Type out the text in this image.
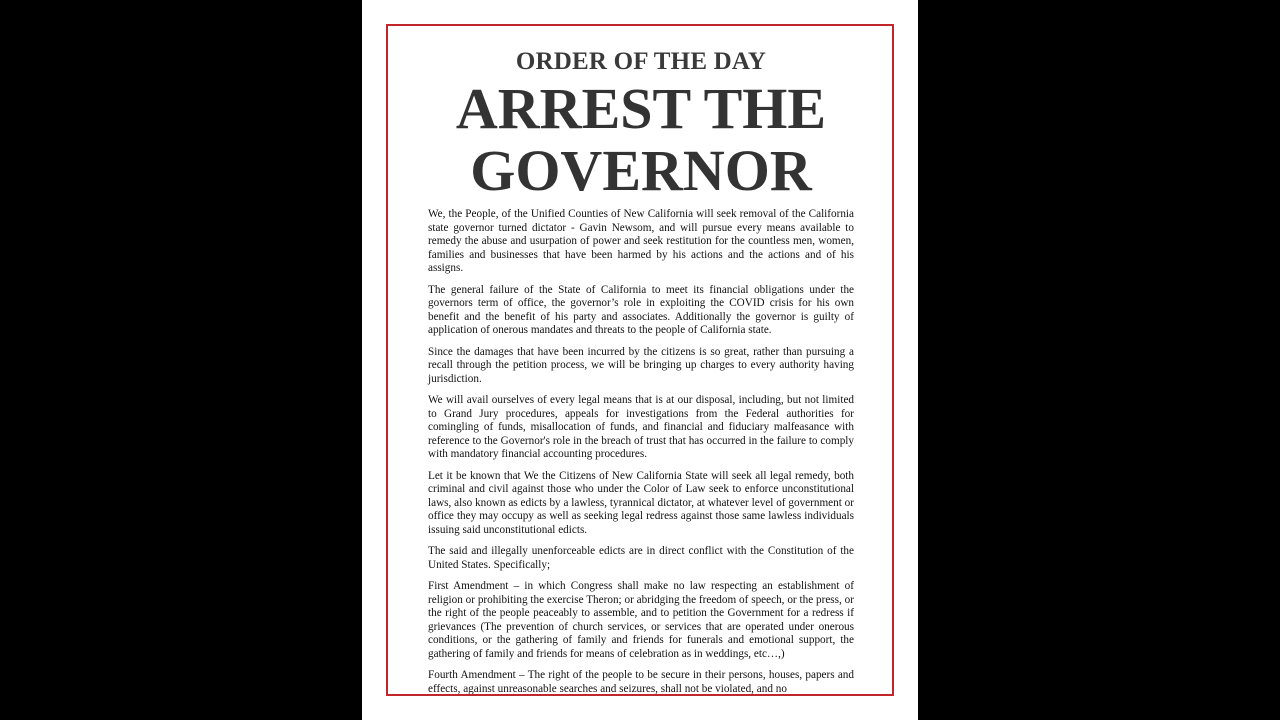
ORDER OF THE DAY
ARREST THE
GOVERNOR

We, the People, of the Unified Counties of New California will seek removal of the California state governor turned dictator - Gavin Newsom, and will pursue every means available to remedy the abuse and usurpation of power and seek restitution for the countless men, women, families and businesses that have been harmed by his actions and the actions and of his assigns.

The general failure of the State of California to meet its financial obligations under the governors term of office, the governor’s role in exploiting the COVID crisis for his own benefit and the benefit of his party and associates. Additionally the governor is guilty of application of onerous mandates and threats to the people of California state.

Since the damages that have been incurred by the citizens is so great, rather than pursuing a recall through the petition process, we will be bringing up charges to every authority having jurisdiction.

We will avail ourselves of every legal means that is at our disposal, including, but not limited to Grand Jury procedures, appeals for investigations from the Federal authorities for comingling of funds, misallocation of funds, and financial and fiduciary malfeasance with reference to the Governor's role in the breach of trust that has occurred in the failure to comply with mandatory financial accounting procedures.

Let it be known that We the Citizens of New California State will seek all legal remedy, both criminal and civil against those who under the Color of Law seek to enforce unconstitutional laws, also known as edicts by a lawless, tyrannical dictator, at whatever level of government or office they may occupy as well as seeking legal redress against those same lawless individuals issuing said unconstitutional edicts.

The said and illegally unenforceable edicts are in direct conflict with the Constitution of the United States. Specifically;

First Amendment – in which Congress shall make no law respecting an establishment of religion or prohibiting the exercise Theron; or abridging the freedom of speech, or the press, or the right of the people peaceably to assemble, and to petition the Government for a redress if grievances (The prevention of church services, or services that are operated under onerous conditions, or the gathering of family and friends for funerals and emotional support, the gathering of family and friends for means of celebration as in weddings, etc…,)

Fourth Amendment – The right of the people to be secure in their persons, houses, papers and effects, against unreasonable searches and seizures, shall not be violated, and no
